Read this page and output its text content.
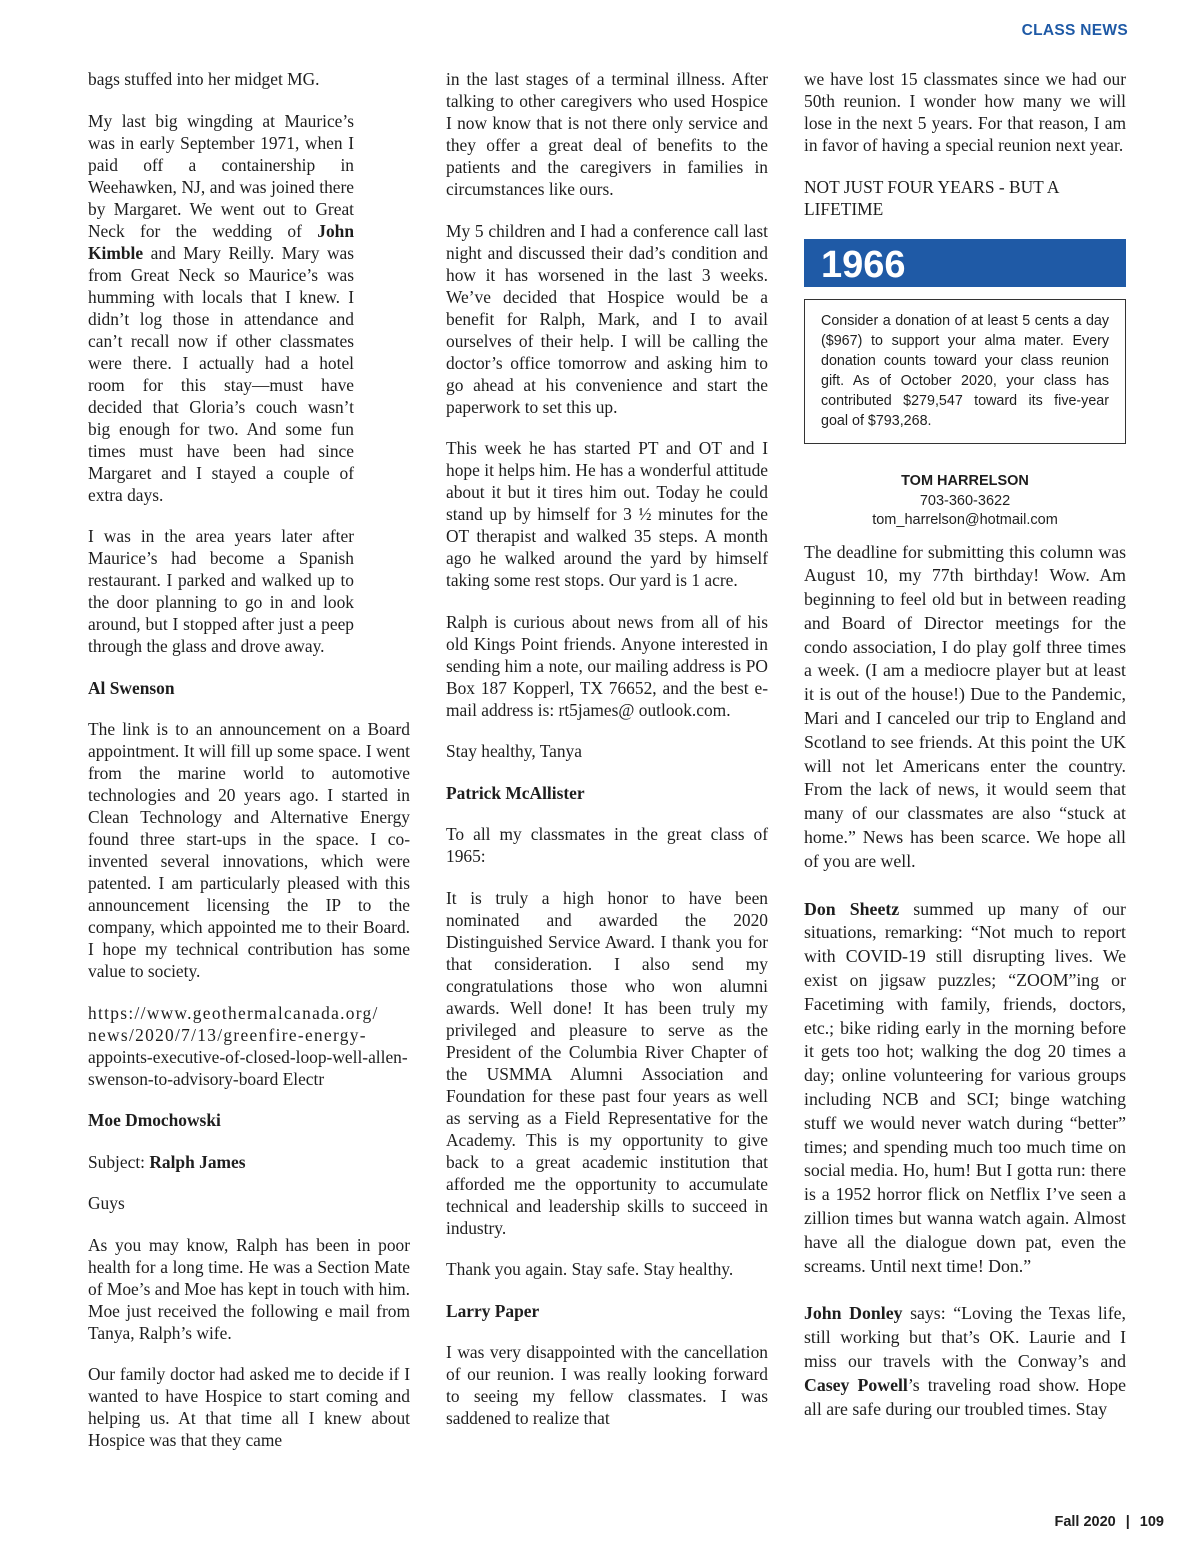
CLASS NEWS

bags stuffed into her midget MG.

My last big wingding at Maurice’s was in early September 1971, when I paid off a containership in Weehawken, NJ, and was joined there by Margaret. We went out to Great Neck for the wedding of John Kimble and Mary Reilly. Mary was from Great Neck so Maurice’s was humming with locals that I knew. I didn’t log those in attendance and can’t recall now if other classmates were there. I actually had a hotel room for this stay—must have decided that Gloria’s couch wasn’t big enough for two. And some fun times must have been had since Margaret and I stayed a couple of extra days.

I was in the area years later after Maurice’s had become a Spanish restaurant. I parked and walked up to the door planning to go in and look around, but I stopped after just a peep through the glass and drove away.

Al Swenson

The link is to an announcement on a Board appointment. It will fill up some space. I went from the marine world to automotive technologies and 20 years ago. I started in Clean Technology and Alternative Energy found three start-ups in the space. I co-invented several innovations, which were patented. I am particularly pleased with this announcement licensing the IP to the company, which appointed me to their Board. I hope my technical contribution has some value to society.

https://www.geothermalcanada.org/ news/2020/7/13/greenfire-energy- appoints-executive-of-closed-loop-well-allen-swenson-to-advisory-board Electr

Moe Dmochowski

Subject: Ralph James

Guys

As you may know, Ralph has been in poor health for a long time. He was a Section Mate of Moe’s and Moe has kept in touch with him. Moe just received the following e mail from Tanya, Ralph’s wife.

Our family doctor had asked me to decide if I wanted to have Hospice to start coming and helping us. At that time all I knew about Hospice was that they came

in the last stages of a terminal illness. After talking to other caregivers who used Hospice I now know that is not there only service and they offer a great deal of benefits to the patients and the caregivers in families in circumstances like ours.

My 5 children and I had a conference call last night and discussed their dad’s condition and how it has worsened in the last 3 weeks. We’ve decided that Hospice would be a benefit for Ralph, Mark, and I to avail ourselves of their help. I will be calling the doctor’s office tomorrow and asking him to go ahead at his convenience and start the paperwork to set this up.

This week he has started PT and OT and I hope it helps him. He has a wonderful attitude about it but it tires him out. Today he could stand up by himself for 3 ½ minutes for the OT therapist and walked 35 steps. A month ago he walked around the yard by himself taking some rest stops. Our yard is 1 acre.

Ralph is curious about news from all of his old Kings Point friends. Anyone interested in sending him a note, our mailing address is PO Box 187 Kopperl, TX 76652, and the best e-mail address is: rt5james@ outlook.com.

Stay healthy, Tanya

Patrick McAllister

To all my classmates in the great class of 1965:

It is truly a high honor to have been nominated and awarded the 2020 Distinguished Service Award. I thank you for that consideration. I also send my congratulations those who won alumni awards. Well done! It has been truly my privileged and pleasure to serve as the President of the Columbia River Chapter of the USMMA Alumni Association and Foundation for these past four years as well as serving as a Field Representative for the Academy. This is my opportunity to give back to a great academic institution that afforded me the opportunity to accumulate technical and leadership skills to succeed in industry.

Thank you again. Stay safe. Stay healthy.

Larry Paper

I was very disappointed with the cancellation of our reunion. I was really looking forward to seeing my fellow classmates. I was saddened to realize that

we have lost 15 classmates since we had our 50th reunion. I wonder how many we will lose in the next 5 years. For that reason, I am in favor of having a special reunion next year.

NOT JUST FOUR YEARS - BUT A LIFETIME

1966
Consider a donation of at least 5 cents a day ($967) to support your alma mater. Every donation counts toward your class reunion gift. As of October 2020, your class has contributed $279,547 toward its five-year goal of $793,268.
TOM HARRELSON
703-360-3622
tom_harrelson@hotmail.com

The deadline for submitting this column was August 10, my 77th birthday! Wow. Am beginning to feel old but in between reading and Board of Director meetings for the condo association, I do play golf three times a week. (I am a mediocre player but at least it is out of the house!) Due to the Pandemic, Mari and I canceled our trip to England and Scotland to see friends. At this point the UK will not let Americans enter the country. From the lack of news, it would seem that many of our classmates are also “stuck at home.” News has been scarce. We hope all of you are well.

Don Sheetz summed up many of our situations, remarking: “Not much to report with COVID-19 still disrupting lives. We exist on jigsaw puzzles; “ZOOM”ing or Facetiming with family, friends, doctors, etc.; bike riding early in the morning before it gets too hot; walking the dog 20 times a day; online volunteering for various groups including NCB and SCI; binge watching stuff we would never watch during “better” times; and spending much too much time on social media. Ho, hum! But I gotta run: there is a 1952 horror flick on Netflix I’ve seen a zillion times but wanna watch again. Almost have all the dialogue down pat, even the screams. Until next time! Don.”

John Donley says: “Loving the Texas life, still working but that’s OK. Laurie and I miss our travels with the Conway’s and Casey Powell’s traveling road show. Hope all are safe during our troubled times. Stay

Fall 2020 | 109
